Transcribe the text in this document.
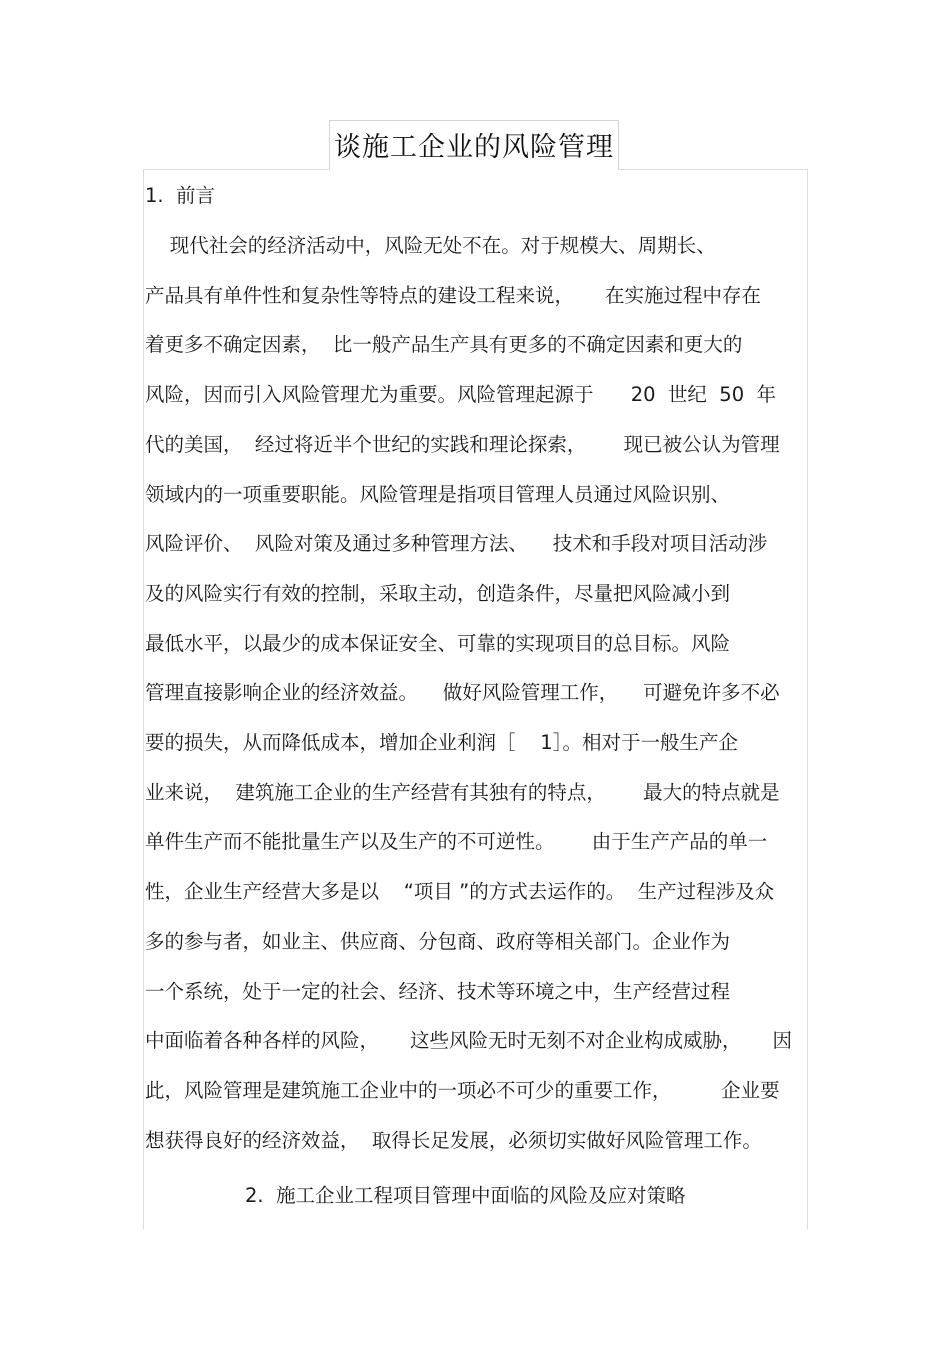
谈施工企业的风险管理
1.  前言
现代社会的经济活动中，风险无处不在。对于规模大、周期长、
产品具有单件性和复杂性等特点的建设工程来说，     在实施过程中存在
着更多不确定因素，  比一般产品生产具有更多的不确定因素和更大的
风险，因而引入风险管理尤为重要。风险管理起源于      20  世纪  50  年
代的美国，  经过将近半个世纪的实践和理论探索，      现已被公认为管理
领域内的一项重要职能。风险管理是指项目管理人员通过风险识别、
风险评价、  风险对策及通过多种管理方法、    技术和手段对项目活动涉
及的风险实行有效的控制，采取主动，创造条件，尽量把风险减小到
最低水平，以最少的成本保证安全、可靠的实现项目的总目标。风险
管理直接影响企业的经济效益。    做好风险管理工作，    可避免许多不必
要的损失，从而降低成本，增加企业利润［    1］。相对于一般生产企
业来说，  建筑施工企业的生产经营有其独有的特点，      最大的特点就是
单件生产而不能批量生产以及生产的不可逆性。      由于生产产品的单一
性，企业生产经营大多是以    “项目 ”的方式去运作的。  生产过程涉及众
多的参与者，如业主、供应商、分包商、政府等相关部门。企业作为
一个系统，处于一定的社会、经济、技术等环境之中，生产经营过程
中面临着各种各样的风险，     这些风险无时无刻不对企业构成威胁，     因
此，风险管理是建筑施工企业中的一项必不可少的重要工作，        企业要
想获得良好的经济效益，  取得长足发展，必须切实做好风险管理工作。
2.  施工企业工程项目管理中面临的风险及应对策略
